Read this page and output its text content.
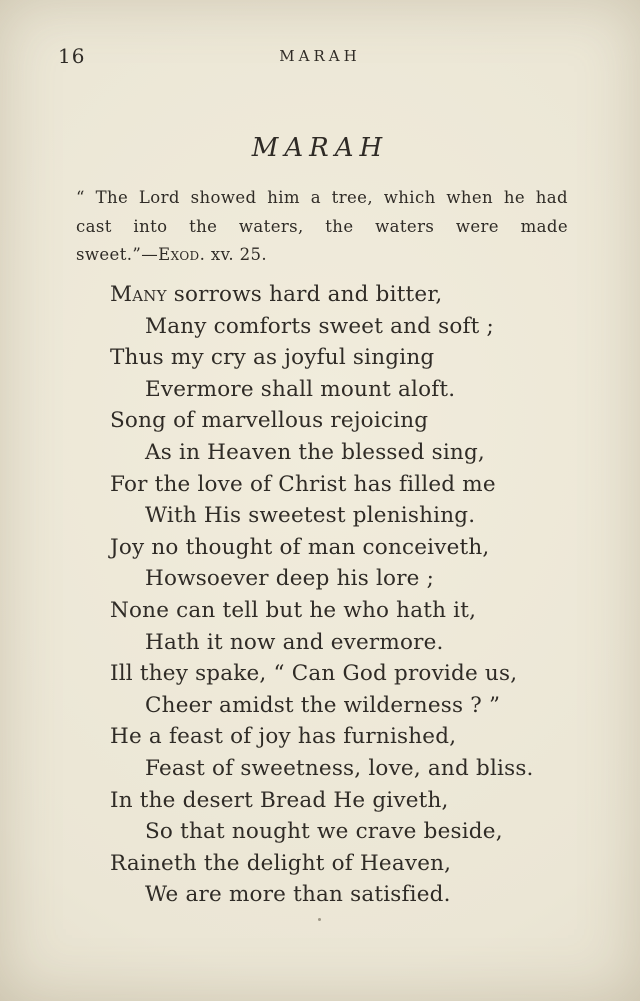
16	MARAH
MARAH
“ The Lord showed him a tree, which when he had
cast into the waters, the waters were made
sweet.”—Exod. xv. 25.
Many sorrows hard and bitter,
Many comforts sweet and soft ;
Thus my cry as joyful singing
Evermore shall mount aloft.
Song of marvellous rejoicing
As in Heaven the blessed sing,
For the love of Christ has filled me
With His sweetest plenishing.
Joy no thought of man conceiveth,
Howsoever deep his lore ;
None can tell but he who hath it,
Hath it now and evermore.
Ill they spake, “ Can God provide us,
Cheer amidst the wilderness ? ”
He a feast of joy has furnished,
Feast of sweetness, love, and bliss.
In the desert Bread He giveth,
So that nought we crave beside,
Raineth the delight of Heaven,
We are more than satisfied.
